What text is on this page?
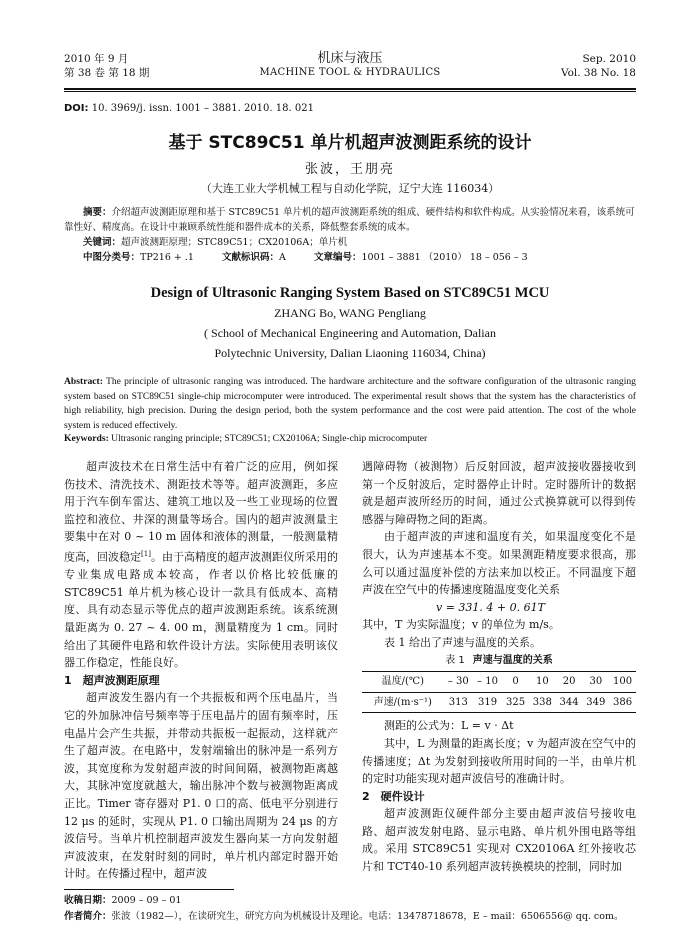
2010 年 9 月
第 38 卷 第 18 期
机床与液压
MACHINE TOOL & HYDRAULICS
Sep. 2010
Vol. 38 No. 18
DOI: 10. 3969/j. issn. 1001 – 3881. 2010. 18. 021
基于 STC89C51 单片机超声波测距系统的设计
张波，王朋亮
（大连工业大学机械工程与自动化学院，辽宁大连 116034）
摘要：介绍超声波测距原理和基于 STC89C51 单片机的超声波测距系统的组成、硬件结构和软件构成。从实验情况来看，该系统可靠性好、精度高。在设计中兼顾系统性能和器件成本的关系，降低整套系统的成本。
关键词：超声波测距原理；STC89C51；CX20106A；单片机
中图分类号：TP216 + .1	文献标识码：A	文章编号：1001 – 3881 （2010） 18 – 056 – 3
Design of Ultrasonic Ranging System Based on STC89C51 MCU
ZHANG Bo, WANG Pengliang
( School of Mechanical Engineering and Automation, Dalian
Polytechnic University, Dalian Liaoning 116034, China)
Abstract: The principle of ultrasonic ranging was introduced. The hardware architecture and the software configuration of the ultrasonic ranging system based on STC89C51 single-chip microcomputer were introduced. The experimental result shows that the system has the characteristics of high reliability, high precision. During the design period, both the system performance and the cost were paid attention. The cost of the whole system is reduced effectively.
Keywords: Ultrasonic ranging principle; STC89C51; CX20106A; Single-chip microcomputer

超声波技术在日常生活中有着广泛的应用，例如探伤技术、清洗技术、测距技术等等。超声波测距，多应用于汽车倒车雷达、建筑工地以及一些工业现场的位置监控和液位、井深的测量等场合。国内的超声波测量主要集中在对 0 ~ 10 m 固体和液体的测量，一般测量精度高，回波稳定[1]。由于高精度的超声波测距仪所采用的专业集成电路成本较高，作者以价格比较低廉的 STC89C51 单片机为核心设计一款具有低成本、高精度、具有动态显示等优点的超声波测距系统。该系统测量距离为 0. 27 ~ 4. 00 m，测量精度为 1 cm。同时给出了其硬件电路和软件设计方法。实际使用表明该仪器工作稳定，性能良好。

1　超声波测距原理

超声波发生器内有一个共振板和两个压电晶片，当它的外加脉冲信号频率等于压电晶片的固有频率时，压电晶片会产生共振，并带动共振板一起振动，这样就产生了超声波。在电路中，发射端输出的脉冲是一系列方波，其宽度称为发射超声波的时间间隔，被测物距离越大，其脉冲宽度就越大，输出脉冲个数与被测物距离成正比。Timer 寄存器对 P1. 0 口的高、低电平分别进行 12 μs 的延时，实现从 P1. 0 口输出周期为 24 μs 的方波信号。当单片机控制超声波发生器向某一方向发射超声波波束，在发射时刻的同时，单片机内部定时器开始计时。在传播过程中，超声波

遇障碍物（被测物）后反射回波，超声波接收器接收到第一个反射波后，定时器停止计时。定时器所计的数据就是超声波所经历的时间，通过公式换算就可以得到传感器与障碍物之间的距离。

由于超声波的声速和温度有关，如果温度变化不是很大，认为声速基本不变。如果测距精度要求很高，那么可以通过温度补偿的方法来加以校正。不同温度下超声波在空气中的传播速度随温度变化关系

v = 331. 4 + 0. 61T

其中，T 为实际温度；v 的单位为 m/s。

表 1 给出了声速与温度的关系。

表 1 声速与温度的关系
温度/(℃)	– 30	– 10	0	10	20	30	100
声速/(m·s⁻¹)	313	319	325	338	344	349	386

测距的公式为：L = v · Δt

其中，L 为测量的距离长度；v 为超声波在空气中的传播速度；Δt 为发射到接收所用时间的一半，由单片机的定时功能实现对超声波信号的准确计时。

2　硬件设计

超声波测距仪硬件部分主要由超声波信号接收电路、超声波发射电路、显示电路、单片机外围电路等组成。采用 STC89C51 实现对 CX20106A 红外接收芯片和 TCT40-10 系列超声波转换模块的控制，同时加

收稿日期：2009 – 09 – 01
作者简介：张波（1982—），在读研究生，研究方向为机械设计及理论。电话：13478718678，E – mail：6506556@ qq. com。
